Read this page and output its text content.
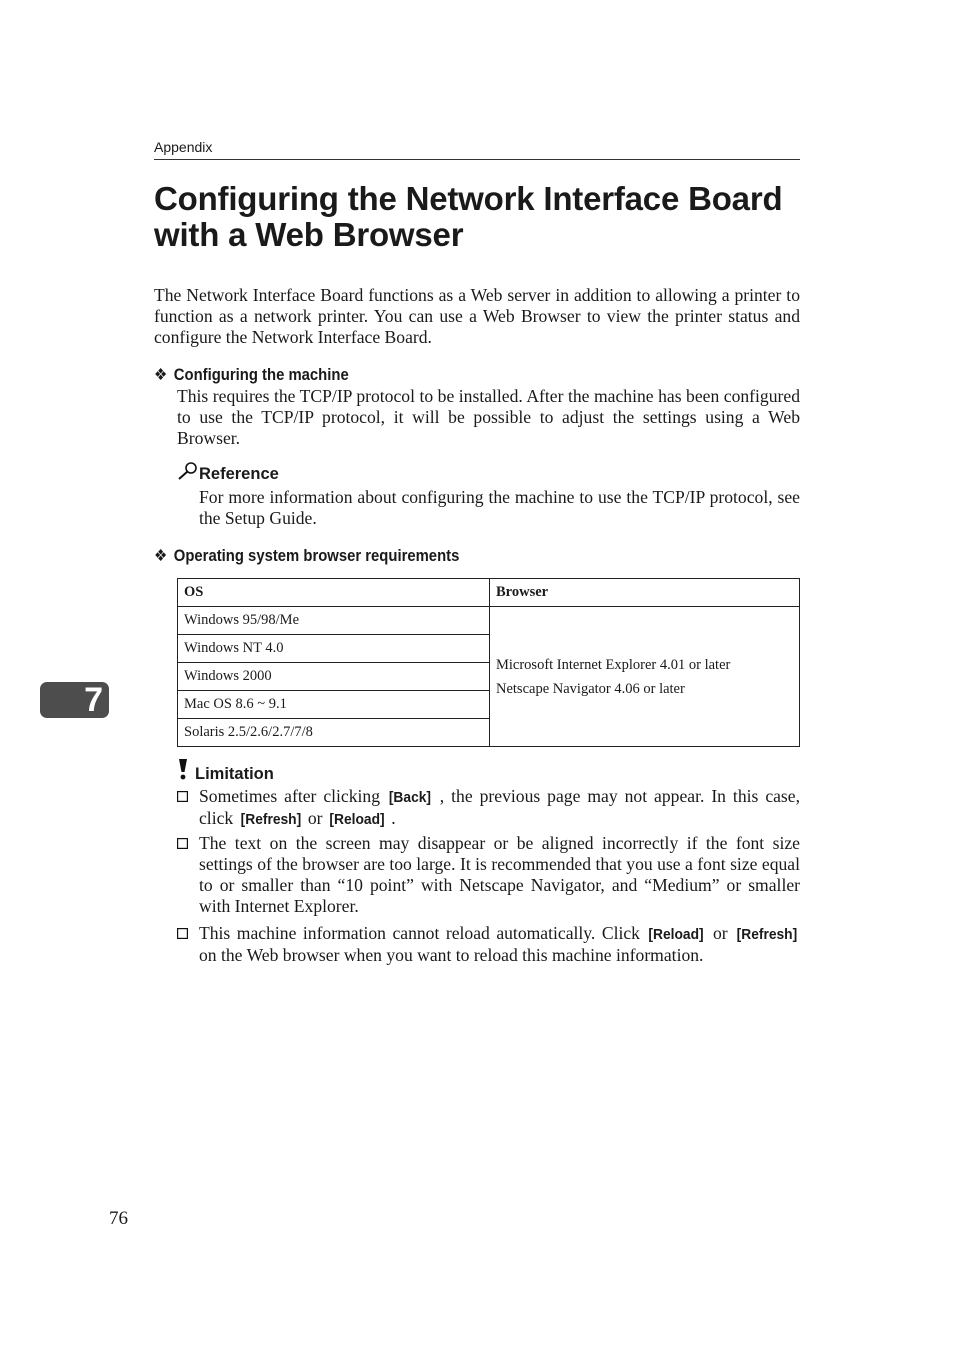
Appendix
Configuring the Network Interface Board
with a Web Browser

The Network Interface Board functions as a Web server in addition to allowing a printer to function as a network printer. You can use a Web Browser to view the printer status and configure the Network Interface Board.

❖ Configuring the machine

This requires the TCP/IP protocol to be installed. After the machine has been configured to use the TCP/IP protocol, it will be possible to adjust the settings using a Web Browser.

Reference

For more information about configuring the machine to use the TCP/IP protocol, see the Setup Guide.

❖ Operating system browser requirements
OS	Browser
Windows 95/98/Me	Microsoft Internet Explorer 4.01 or later
Netscape Navigator 4.06 or later

Windows NT 4.0	
Windows 2000	
Mac OS 8.6 ~ 9.1	
Solaris 2.5/2.6/2.7/7/8	
7
Limitation

Sometimes after clicking [Back] , the previous page may not appear. In this case, click [Refresh] or [Reload] .

The text on the screen may disappear or be aligned incorrectly if the font size settings of the browser are too large. It is recommended that you use a font size equal to or smaller than “10 point” with Netscape Navigator, and “Medium” or smaller with Internet Explorer.

This machine information cannot reload automatically. Click [Reload] or [Refresh] on the Web browser when you want to reload this machine information.

76
